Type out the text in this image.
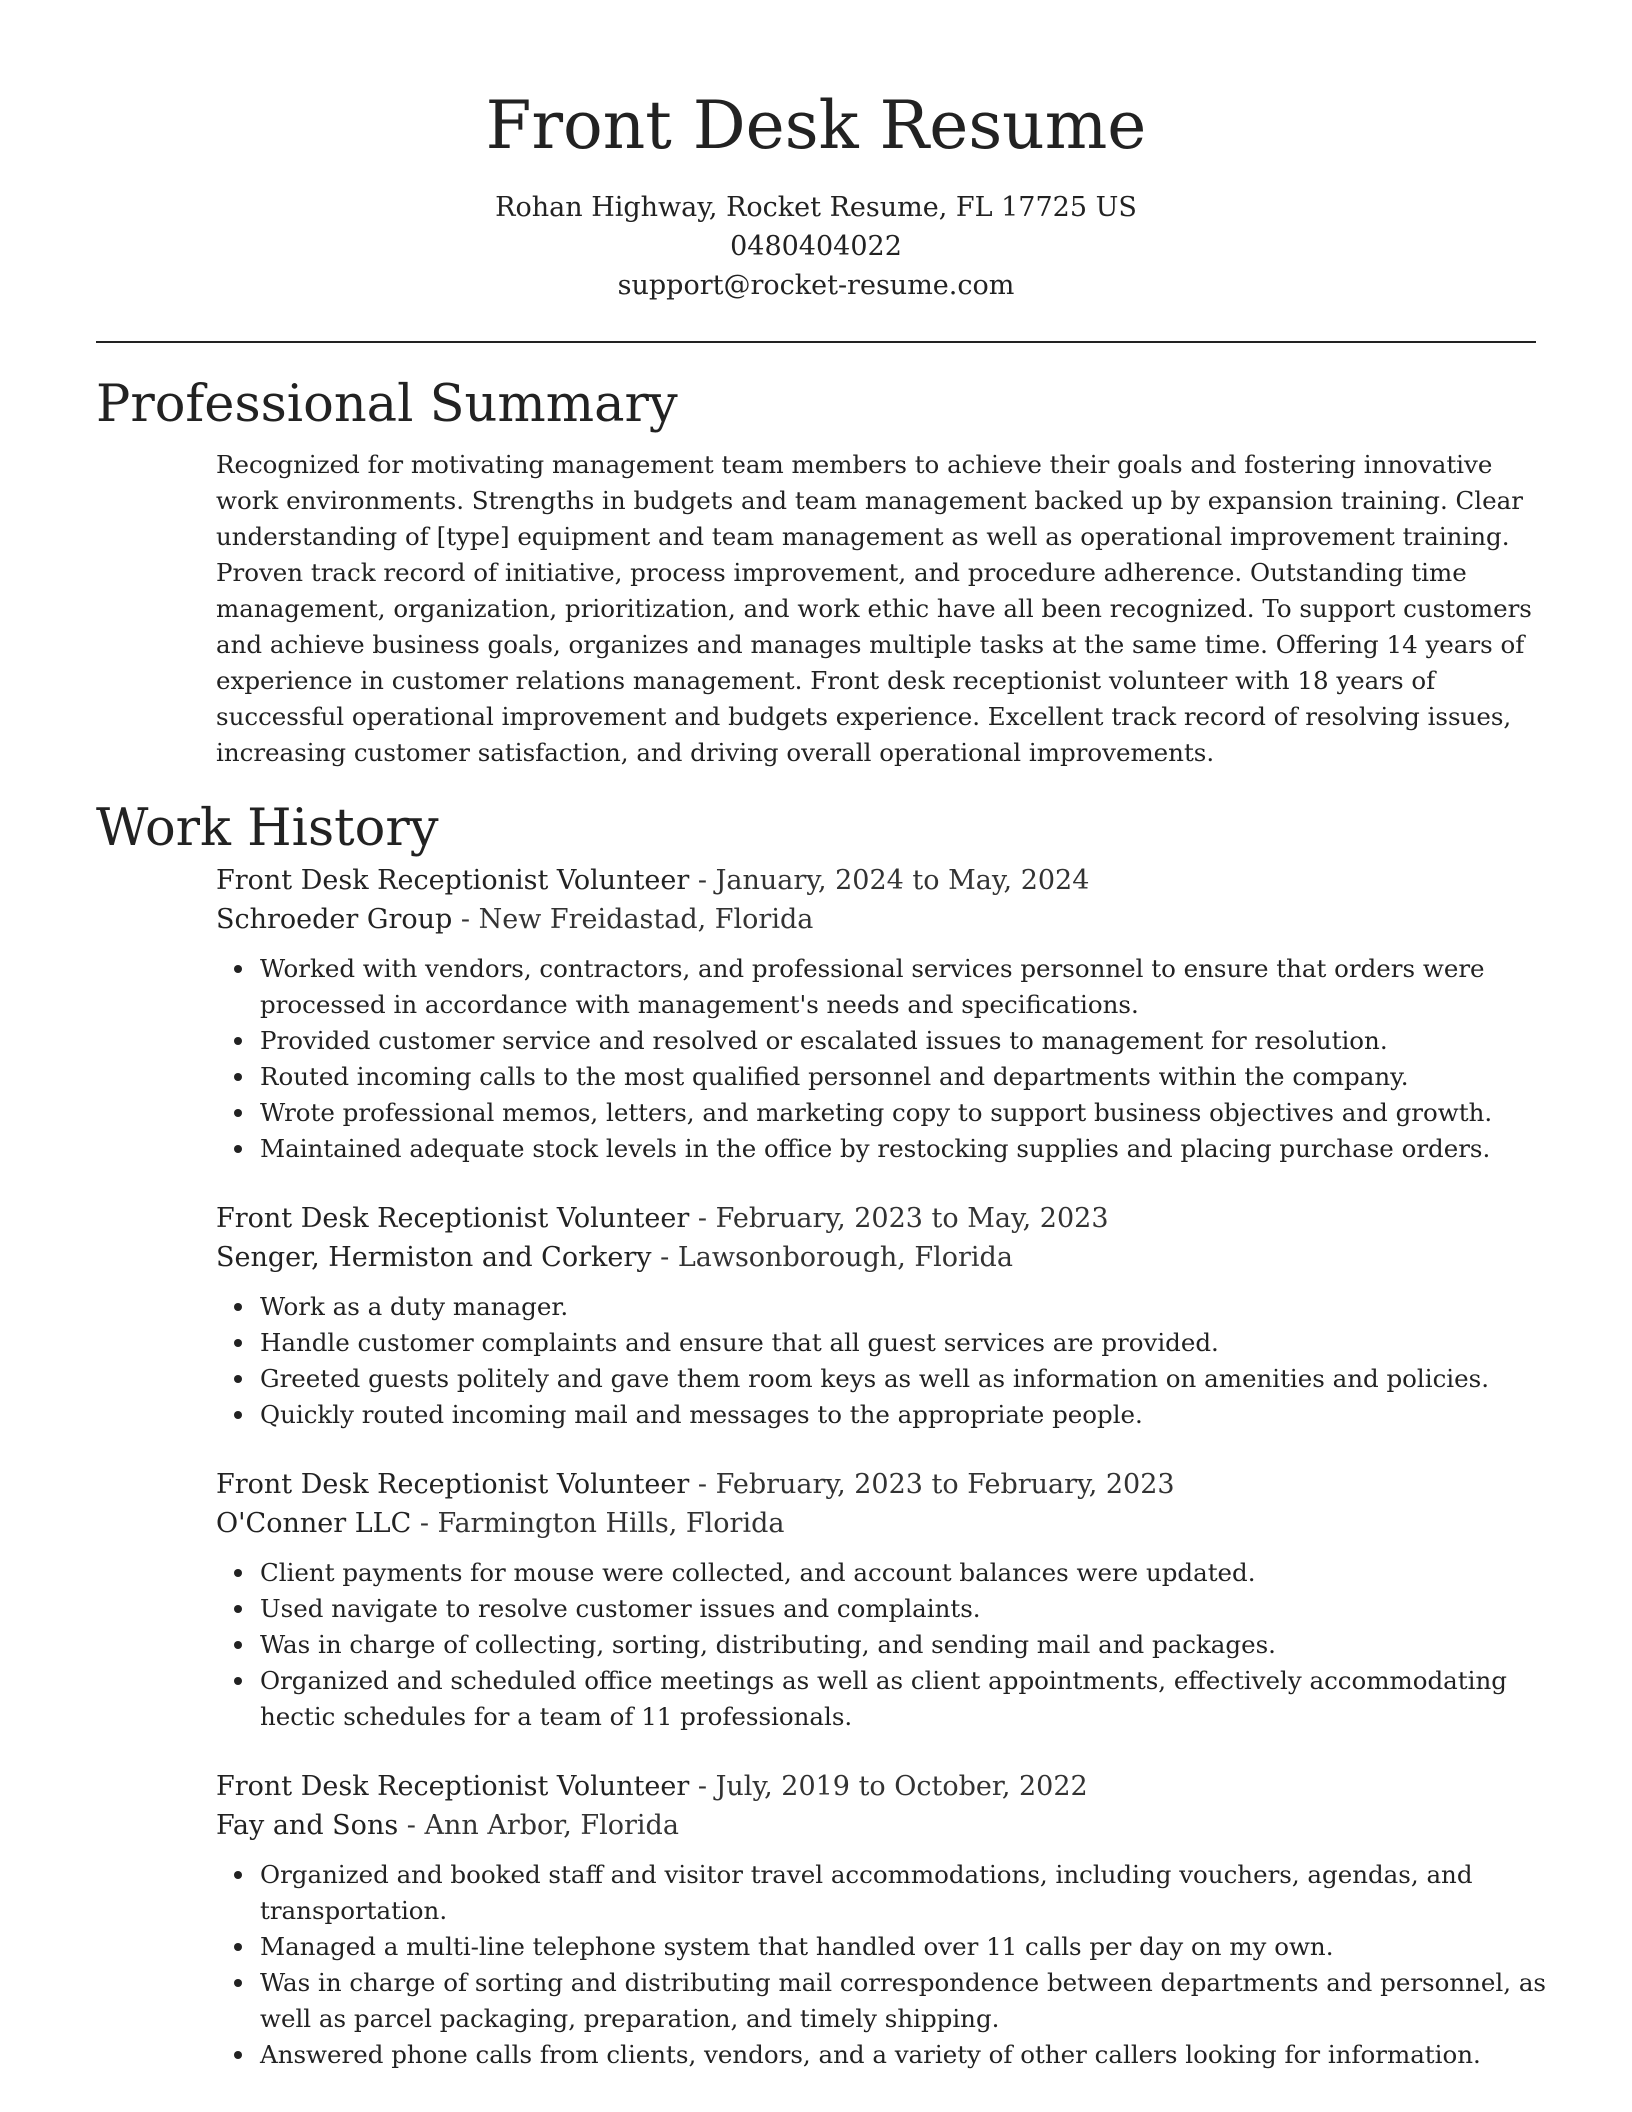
Front Desk Resume

Rohan Highway, Rocket Resume, FL 17725 US

0480404022

support@rocket-resume.com

Professional Summary

Recognized for motivating management team members to achieve their goals and fostering innovative work environments. Strengths in budgets and team management backed up by expansion training. Clear understanding of [type] equipment and team management as well as operational improvement training. Proven track record of initiative, process improvement, and procedure adherence. Outstanding time management, organization, prioritization, and work ethic have all been recognized. To support customers and achieve business goals, organizes and manages multiple tasks at the same time. Offering 14 years of experience in customer relations management. Front desk receptionist volunteer with 18 years of successful operational improvement and budgets experience. Excellent track record of resolving issues, increasing customer satisfaction, and driving overall operational improvements.

Work History

Front Desk Receptionist Volunteer - January, 2024 to May, 2024

Schroeder Group - New Freidastad, Florida

Worked with vendors, contractors, and professional services personnel to ensure that orders were processed in accordance with management's needs and specifications.
Provided customer service and resolved or escalated issues to management for resolution.
Routed incoming calls to the most qualified personnel and departments within the company.
Wrote professional memos, letters, and marketing copy to support business objectives and growth.
Maintained adequate stock levels in the office by restocking supplies and placing purchase orders.

Front Desk Receptionist Volunteer - February, 2023 to May, 2023

Senger, Hermiston and Corkery - Lawsonborough, Florida

Work as a duty manager.
Handle customer complaints and ensure that all guest services are provided.
Greeted guests politely and gave them room keys as well as information on amenities and policies.
Quickly routed incoming mail and messages to the appropriate people.

Front Desk Receptionist Volunteer - February, 2023 to February, 2023

O'Conner LLC - Farmington Hills, Florida

Client payments for mouse were collected, and account balances were updated.
Used navigate to resolve customer issues and complaints.
Was in charge of collecting, sorting, distributing, and sending mail and packages.
Organized and scheduled office meetings as well as client appointments, effectively accommodating hectic schedules for a team of 11 professionals.

Front Desk Receptionist Volunteer - July, 2019 to October, 2022

Fay and Sons - Ann Arbor, Florida

Organized and booked staff and visitor travel accommodations, including vouchers, agendas, and transportation.
Managed a multi-line telephone system that handled over 11 calls per day on my own.
Was in charge of sorting and distributing mail correspondence between departments and personnel, as well as parcel packaging, preparation, and timely shipping.
Answered phone calls from clients, vendors, and a variety of other callers looking for information.
